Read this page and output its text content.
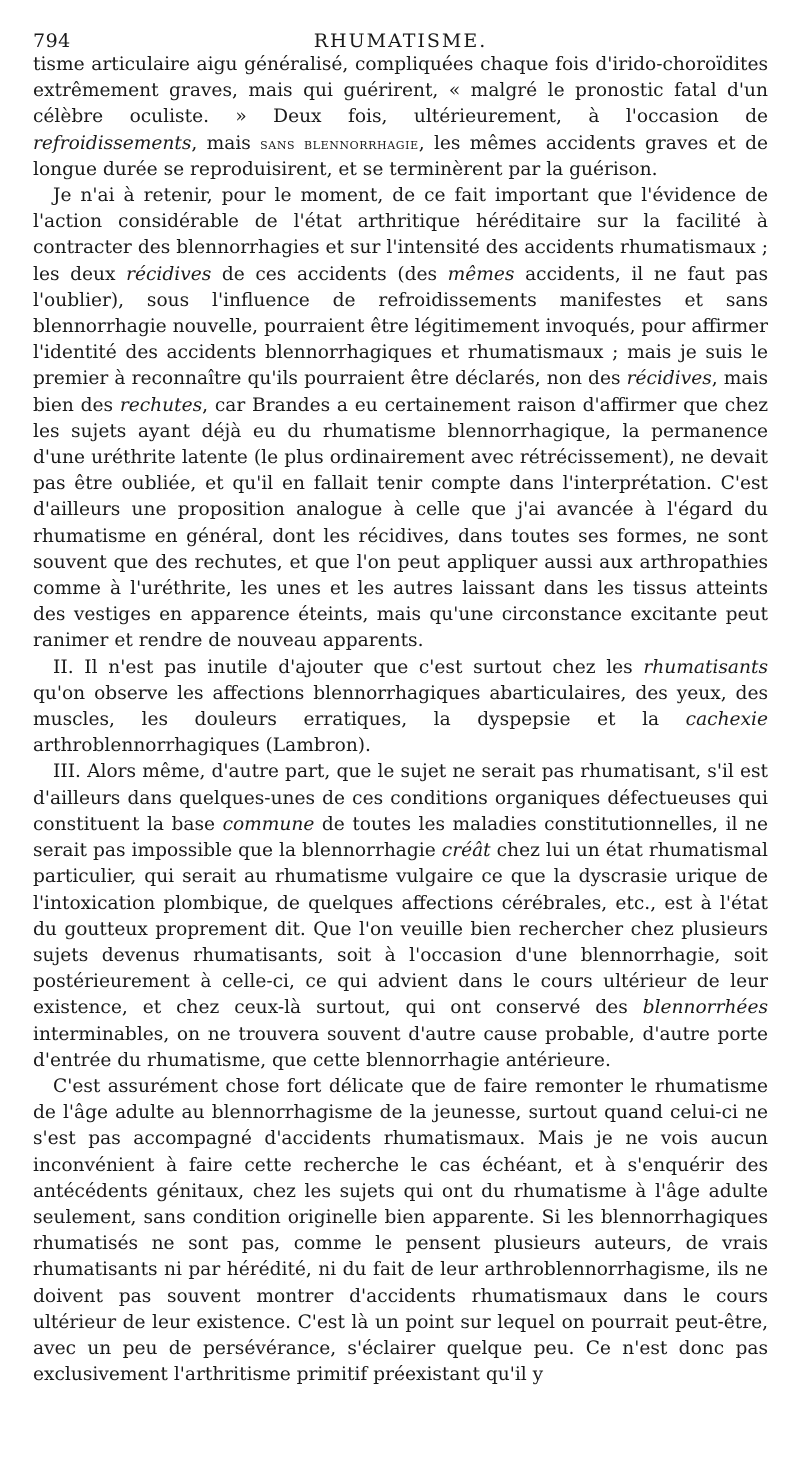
794	RHUMATISME.

tisme articulaire aigu généralisé, compliquées chaque fois d'irido-choroïdites extrêmement graves, mais qui guérirent, « malgré le pronostic fatal d'un célèbre oculiste. » Deux fois, ultérieurement, à l'occasion de refroidissements, mais sans blennorrhagie, les mêmes accidents graves et de longue durée se reproduisirent, et se terminèrent par la guérison.

Je n'ai à retenir, pour le moment, de ce fait important que l'évidence de l'action considérable de l'état arthritique héréditaire sur la facilité à contracter des blennorrhagies et sur l'intensité des accidents rhumatismaux ; les deux récidives de ces accidents (des mêmes accidents, il ne faut pas l'oublier), sous l'influence de refroidissements manifestes et sans blennorrhagie nouvelle, pourraient être légitimement invoqués, pour affirmer l'identité des accidents blennorrhagiques et rhumatismaux ; mais je suis le premier à reconnaître qu'ils pourraient être déclarés, non des récidives, mais bien des rechutes, car Brandes a eu certainement raison d'affirmer que chez les sujets ayant déjà eu du rhumatisme blennorrhagique, la permanence d'une uréthrite latente (le plus ordinairement avec rétrécissement), ne devait pas être oubliée, et qu'il en fallait tenir compte dans l'interprétation. C'est d'ailleurs une proposition analogue à celle que j'ai avancée à l'égard du rhumatisme en général, dont les récidives, dans toutes ses formes, ne sont souvent que des rechutes, et que l'on peut appliquer aussi aux arthropathies comme à l'uréthrite, les unes et les autres laissant dans les tissus atteints des vestiges en apparence éteints, mais qu'une circonstance excitante peut ranimer et rendre de nouveau apparents.

II. Il n'est pas inutile d'ajouter que c'est surtout chez les rhumatisants qu'on observe les affections blennorrhagiques abarticulaires, des yeux, des muscles, les douleurs erratiques, la dyspepsie et la cachexie arthroblennorrhagiques (Lambron).

III. Alors même, d'autre part, que le sujet ne serait pas rhumatisant, s'il est d'ailleurs dans quelques-unes de ces conditions organiques défectueuses qui constituent la base commune de toutes les maladies constitutionnelles, il ne serait pas impossible que la blennorrhagie créât chez lui un état rhumatismal particulier, qui serait au rhumatisme vulgaire ce que la dyscrasie urique de l'intoxication plombique, de quelques affections cérébrales, etc., est à l'état du goutteux proprement dit. Que l'on veuille bien rechercher chez plusieurs sujets devenus rhumatisants, soit à l'occasion d'une blennorrhagie, soit postérieurement à celle-ci, ce qui advient dans le cours ultérieur de leur existence, et chez ceux-là surtout, qui ont conservé des blennorrhées interminables, on ne trouvera souvent d'autre cause probable, d'autre porte d'entrée du rhumatisme, que cette blennorrhagie antérieure.

C'est assurément chose fort délicate que de faire remonter le rhumatisme de l'âge adulte au blennorrhagisme de la jeunesse, surtout quand celui-ci ne s'est pas accompagné d'accidents rhumatismaux. Mais je ne vois aucun inconvénient à faire cette recherche le cas échéant, et à s'enquérir des antécédents génitaux, chez les sujets qui ont du rhumatisme à l'âge adulte seulement, sans condition originelle bien apparente. Si les blennorrhagiques rhumatisés ne sont pas, comme le pensent plusieurs auteurs, de vrais rhumatisants ni par hérédité, ni du fait de leur arthroblennorrhagisme, ils ne doivent pas souvent montrer d'accidents rhumatismaux dans le cours ultérieur de leur existence. C'est là un point sur lequel on pourrait peut-être, avec un peu de persévérance, s'éclairer quelque peu. Ce n'est donc pas exclusivement l'arthritisme primitif préexistant qu'il y
